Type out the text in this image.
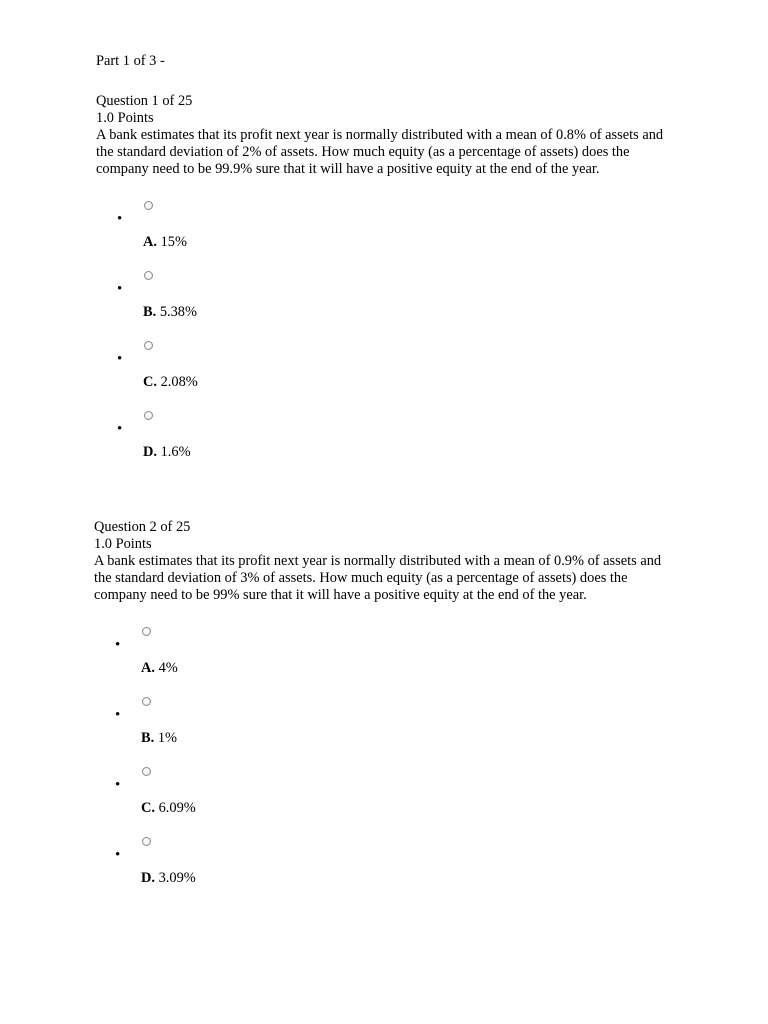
Part 1 of 3 -

Question 1 of 25
1.0 Points
A bank estimates that its profit next year is normally distributed with a mean of 0.8% of assets and the standard deviation of 2% of assets. How much equity (as a percentage of assets) does the company need to be 99.9% sure that it will have a positive equity at the end of the year.
•
A. 15%
•
B. 5.38%
•
C. 2.08%
•
D. 1.6%
Question 2 of 25
1.0 Points
A bank estimates that its profit next year is normally distributed with a mean of 0.9% of assets and the standard deviation of 3% of assets. How much equity (as a percentage of assets) does the company need to be 99% sure that it will have a positive equity at the end of the year.
•
A. 4%
•
B. 1%
•
C. 6.09%
•
D. 3.09%
